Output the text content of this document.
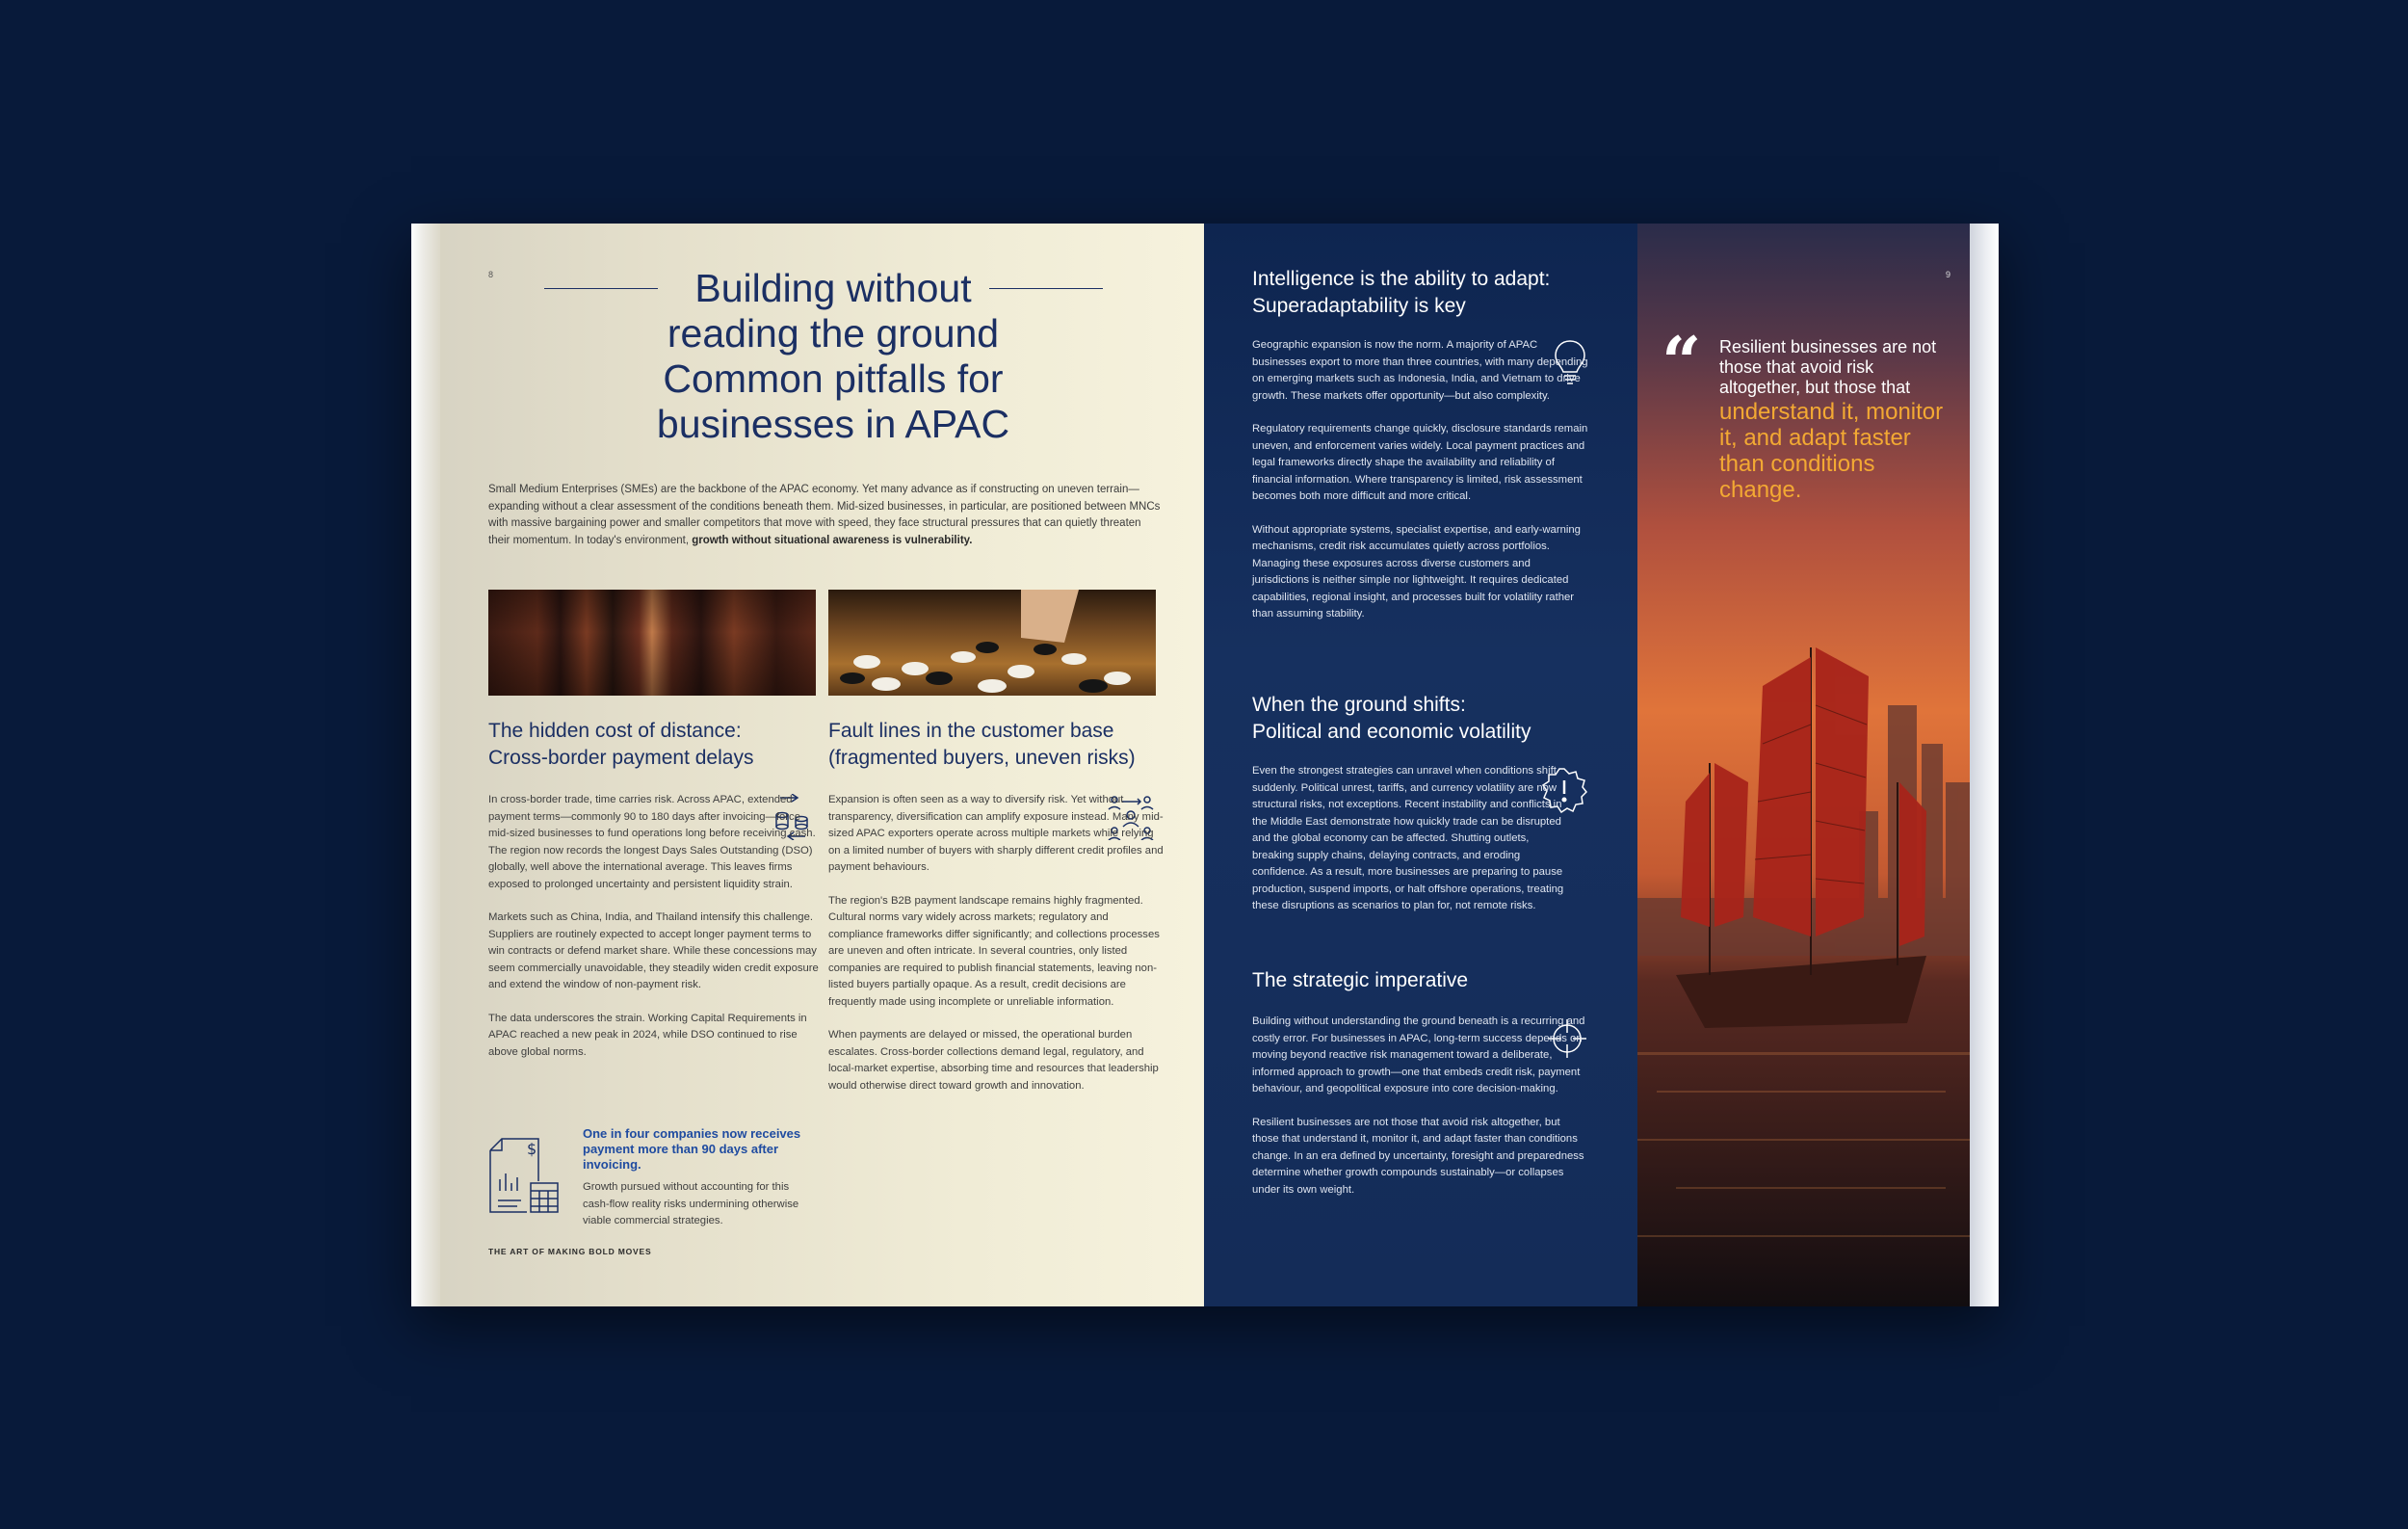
8	Building without
reading the ground
Common pitfalls for
businesses in APAC
Small Medium Enterprises (SMEs) are the backbone of the APAC economy. Yet many advance as if constructing on uneven terrain—expanding without a clear assessment of the conditions beneath them. Mid-sized businesses, in particular, are positioned between MNCs with massive bargaining power and smaller competitors that move with speed, they face structural pressures that can quietly threaten their momentum. In today's environment, growth without situational awareness is vulnerability.
The hidden cost of distance:
Cross-border payment delays

In cross-border trade, time carries risk. Across APAC, extended payment terms—commonly 90 to 180 days after invoicing—force mid-sized businesses to fund operations long before receiving cash. The region now records the longest Days Sales Outstanding (DSO) globally, well above the international average. This leaves firms exposed to prolonged uncertainty and persistent liquidity strain.

Markets such as China, India, and Thailand intensify this challenge. Suppliers are routinely expected to accept longer payment terms to win contracts or defend market share. While these concessions may seem commercially unavoidable, they steadily widen credit exposure and extend the window of non-payment risk.

The data underscores the strain. Working Capital Requirements in APAC reached a new peak in 2024, while DSO continued to rise above global norms.

$
One in four companies now receives payment more than 90 days after invoicing.
Growth pursued without accounting for this cash-flow reality risks undermining otherwise viable commercial strategies.
Fault lines in the customer base
(fragmented buyers, uneven risks)

Expansion is often seen as a way to diversify risk. Yet without transparency, diversification can amplify exposure instead. Many mid-sized APAC exporters operate across multiple markets while relying on a limited number of buyers with sharply different credit profiles and payment behaviours.

The region's B2B payment landscape remains highly fragmented. Cultural norms vary widely across markets; regulatory and compliance frameworks differ significantly; and collections processes are uneven and often intricate. In several countries, only listed companies are required to publish financial statements, leaving non-listed buyers partially opaque. As a result, credit decisions are frequently made using incomplete or unreliable information.

When payments are delayed or missed, the operational burden escalates. Cross-border collections demand legal, regulatory, and local-market expertise, absorbing time and resources that leadership would otherwise direct toward growth and innovation.

THE ART OF MAKING BOLD MOVES
Intelligence is the ability to adapt:
Superadaptability is key

Geographic expansion is now the norm. A majority of APAC businesses export to more than three countries, with many depending on emerging markets such as Indonesia, India, and Vietnam to drive growth. These markets offer opportunity—but also complexity.

Regulatory requirements change quickly, disclosure standards remain uneven, and enforcement varies widely. Local payment practices and legal frameworks directly shape the availability and reliability of financial information. Where transparency is limited, risk assessment becomes both more difficult and more critical.

Without appropriate systems, specialist expertise, and early-warning mechanisms, credit risk accumulates quietly across portfolios. Managing these exposures across diverse customers and jurisdictions is neither simple nor lightweight. It requires dedicated capabilities, regional insight, and processes built for volatility rather than assuming stability.

When the ground shifts:
Political and economic volatility

Even the strongest strategies can unravel when conditions shift suddenly. Political unrest, tariffs, and currency volatility are now structural risks, not exceptions. Recent instability and conflicts in the Middle East demonstrate how quickly trade can be disrupted and the global economy can be affected. Shutting outlets, breaking supply chains, delaying contracts, and eroding confidence. As a result, more businesses are preparing to pause production, suspend imports, or halt offshore operations, treating these disruptions as scenarios to plan for, not remote risks.

The strategic imperative

Building without understanding the ground beneath is a recurring and costly error. For businesses in APAC, long-term success depends on moving beyond reactive risk management toward a deliberate, informed approach to growth—one that embeds credit risk, payment behaviour, and geopolitical exposure into core decision-making.

Resilient businesses are not those that avoid risk altogether, but those that understand it, monitor it, and adapt faster than conditions change. In an era defined by uncertainty, foresight and preparedness determine whether growth compounds sustainably—or collapses under its own weight.

9
“ Resilient businesses are not those that avoid risk altogether, but those that
understand it, monitor it, and adapt faster than conditions change.
